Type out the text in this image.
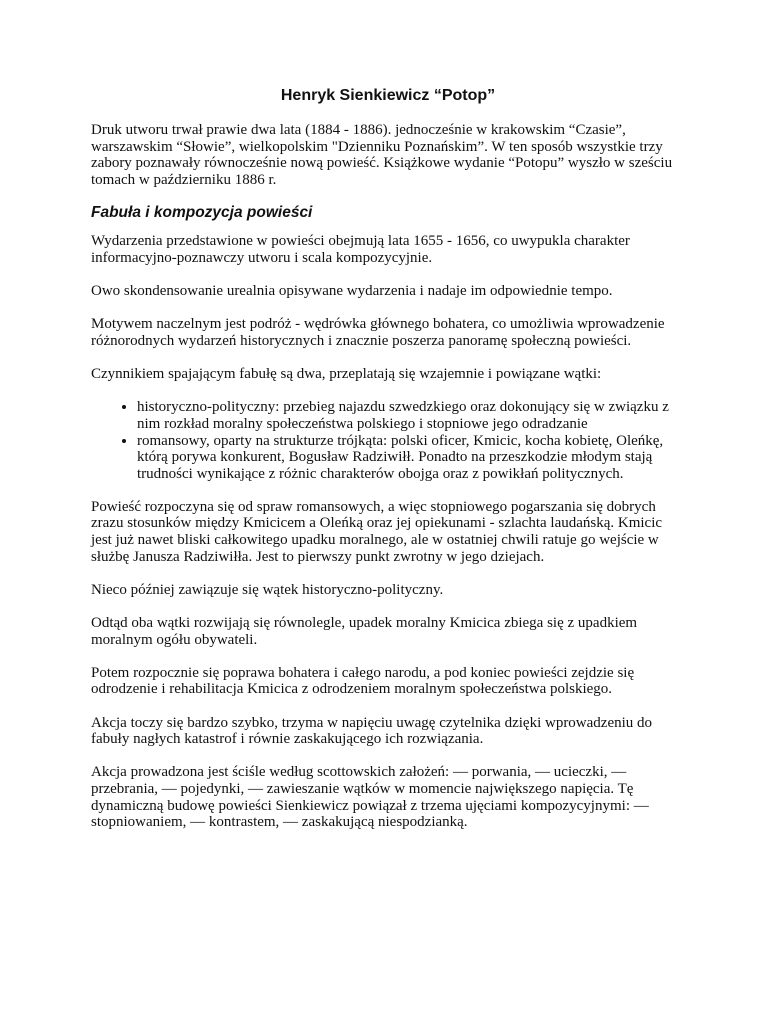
Henryk Sienkiewicz “Potop”

Druk utworu trwał prawie dwa lata (1884 - 1886). jednocześnie w krakowskim “Czasie”, warszawskim “Słowie”, wielkopolskim "Dzienniku Poznańskim”. W ten sposób wszystkie trzy zabory poznawały równocześnie nową powieść. Książkowe wydanie “Potopu” wyszło w sześciu tomach w październiku 1886 r.

Fabuła i kompozycja powieści

Wydarzenia przedstawione w powieści obejmują lata 1655 - 1656, co uwypukla charakter informacyjno-poznawczy utworu i scala kompozycyjnie.

Owo skondensowanie urealnia opisywane wydarzenia i nadaje im odpowiednie tempo.

Motywem naczelnym jest podróż - wędrówka głównego bohatera, co umożliwia wprowadzenie różnorodnych wydarzeń historycznych i znacznie poszerza panoramę społeczną powieści.

Czynnikiem spajającym fabułę są dwa, przeplatają się wzajemnie i powiązane wątki:

• historyczno-polityczny: przebieg najazdu szwedzkiego oraz dokonujący się w związku z nim rozkład moralny społeczeństwa polskiego i stopniowe jego odradzanie
• romansowy, oparty na strukturze trójkąta: polski oficer, Kmicic, kocha kobietę, Oleńkę, którą porywa konkurent, Bogusław Radziwiłł. Ponadto na przeszkodzie młodym stają trudności wynikające z różnic charakterów obojga oraz z powikłań politycznych.

Powieść rozpoczyna się od spraw romansowych, a więc stopniowego pogarszania się dobrych zrazu stosunków między Kmicicem a Oleńką oraz jej opiekunami - szlachta laudańską. Kmicic jest już nawet bliski całkowitego upadku moralnego, ale w ostatniej chwili ratuje go wejście w służbę Janusza Radziwiłła. Jest to pierwszy punkt zwrotny w jego dziejach.

Nieco później zawiązuje się wątek historyczno-polityczny.

Odtąd oba wątki rozwijają się równolegle, upadek moralny Kmicica zbiega się z upadkiem moralnym ogółu obywateli.

Potem rozpocznie się poprawa bohatera i całego narodu, a pod koniec powieści zejdzie się odrodzenie i rehabilitacja Kmicica z odrodzeniem moralnym społeczeństwa polskiego.

Akcja toczy się bardzo szybko, trzyma w napięciu uwagę czytelnika dzięki wprowadzeniu do fabuły nagłych katastrof i równie zaskakującego ich rozwiązania.

Akcja prowadzona jest ściśle według scottowskich założeń: — porwania, — ucieczki, — przebrania, — pojedynki, — zawieszanie wątków w momencie największego napięcia. Tę dynamiczną budowę powieści Sienkiewicz powiązał z trzema ujęciami kompozycyjnymi: — stopniowaniem, — kontrastem, — zaskakującą niespodzianką.
